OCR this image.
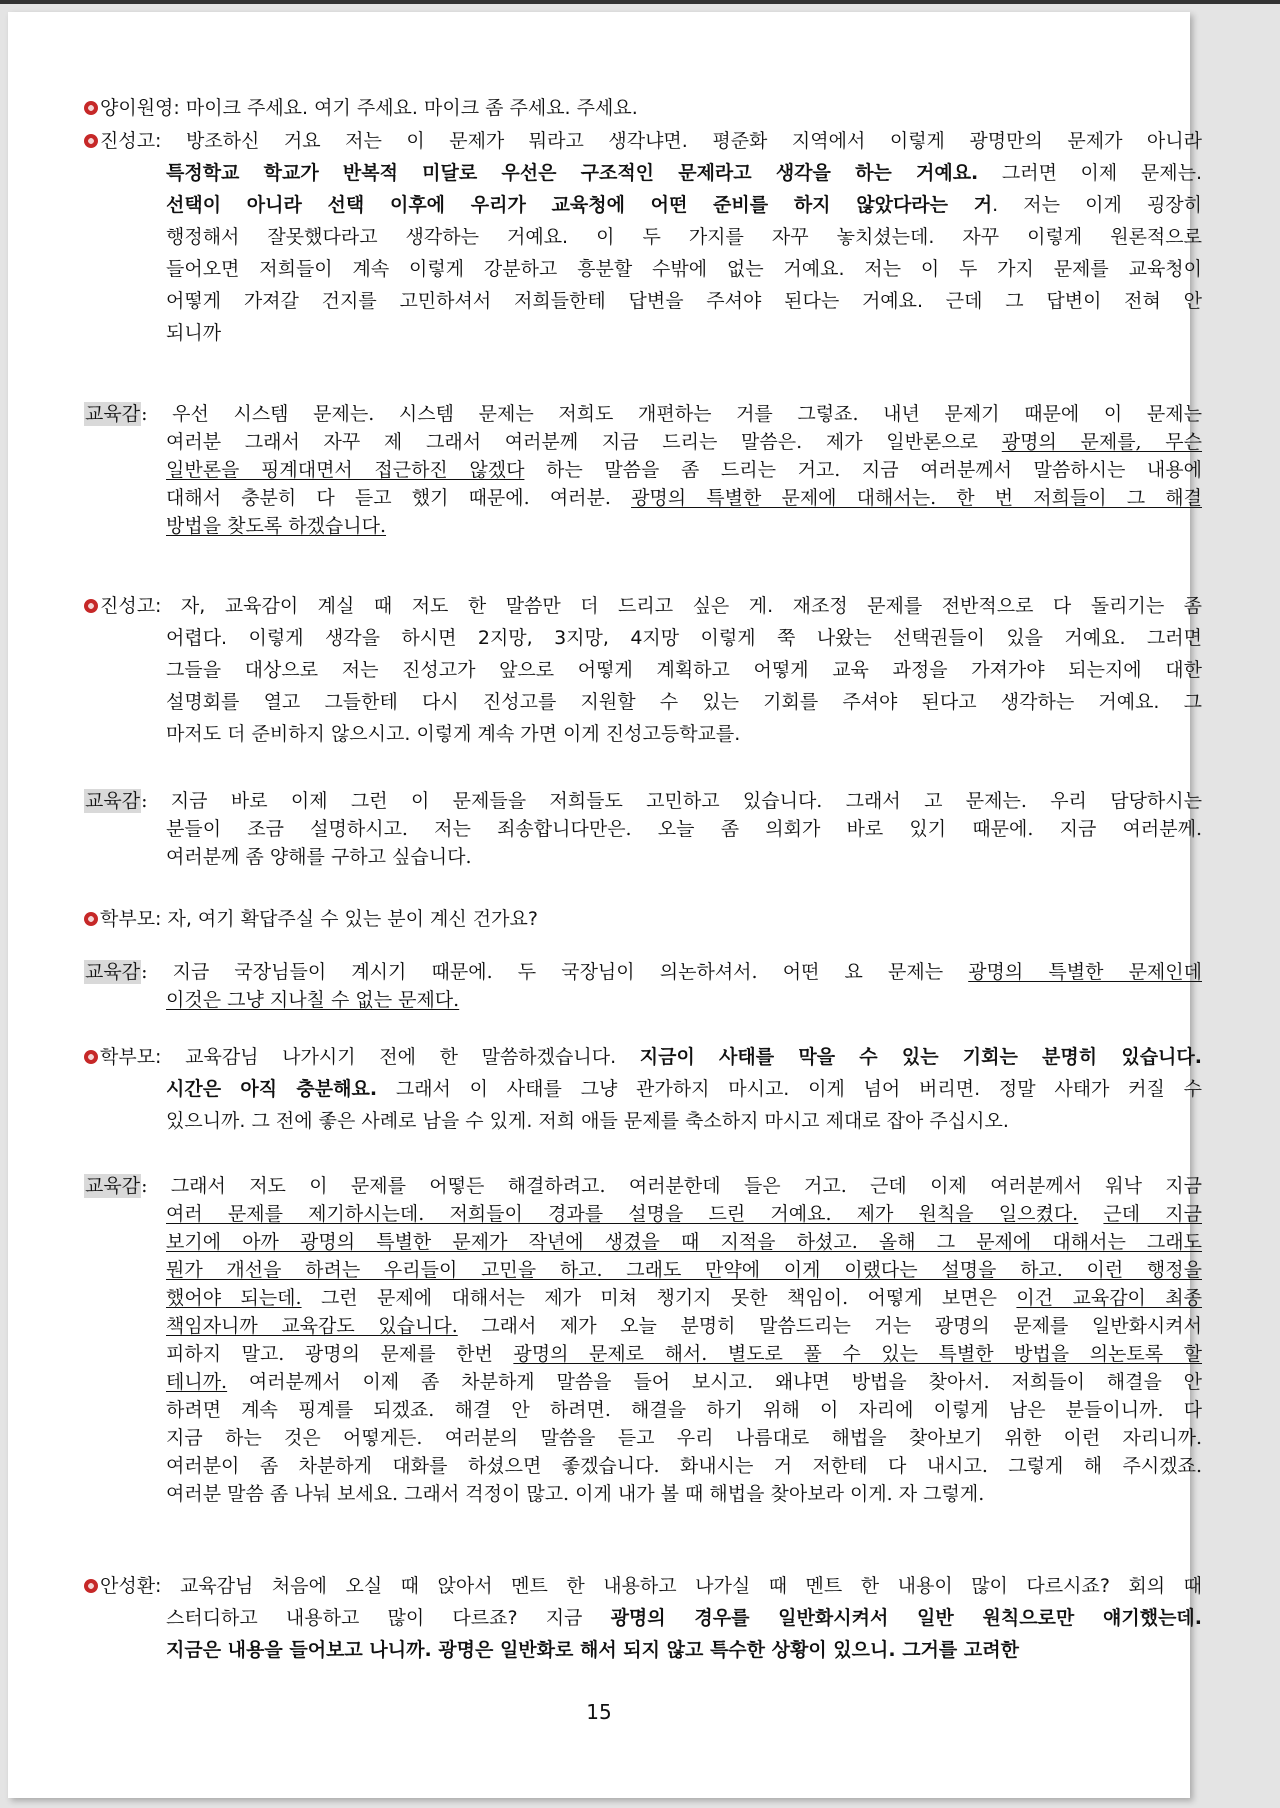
양이원영: 마이크 주세요. 여기 주세요. 마이크 좀 주세요. 주세요.
진성고: 방조하신 거요 저는 이 문제가 뭐라고 생각냐면. 평준화 지역에서 이렇게 광명만의 문제가 아니라
특정학교 학교가 반복적 미달로 우선은 구조적인 문제라고 생각을 하는 거예요. 그러면 이제 문제는.
선택이 아니라 선택 이후에 우리가 교육청에 어떤 준비를 하지 않았다라는 거. 저는 이게 굉장히
행정해서 잘못했다라고 생각하는 거예요. 이 두 가지를 자꾸 놓치셨는데. 자꾸 이렇게 원론적으로
들어오면 저희들이 계속 이렇게 강분하고 흥분할 수밖에 없는 거예요. 저는 이 두 가지 문제를 교육청이
어떻게 가져갈 건지를 고민하셔서 저희들한테 답변을 주셔야 된다는 거예요. 근데 그 답변이 전혀 안
되니까
교육감: 우선 시스템 문제는. 시스템 문제는 저희도 개편하는 거를 그렇죠. 내년 문제기 때문에 이 문제는
여러분 그래서 자꾸 제 그래서 여러분께 지금 드리는 말씀은. 제가 일반론으로 광명의 문제를, 무슨
일반론을 핑계대면서 접근하진 않겠다 하는 말씀을 좀 드리는 거고. 지금 여러분께서 말씀하시는 내용에
대해서 충분히 다 듣고 했기 때문에. 여러분. 광명의 특별한 문제에 대해서는. 한 번 저희들이 그 해결
방법을 찾도록 하겠습니다.
진성고: 자, 교육감이 계실 때 저도 한 말씀만 더 드리고 싶은 게. 재조정 문제를 전반적으로 다 돌리기는 좀
어렵다. 이렇게 생각을 하시면 2지망, 3지망, 4지망 이렇게 쭉 나왔는 선택권들이 있을 거예요. 그러면
그들을 대상으로 저는 진성고가 앞으로 어떻게 계획하고 어떻게 교육 과정을 가져가야 되는지에 대한
설명회를 열고 그들한테 다시 진성고를 지원할 수 있는 기회를 주셔야 된다고 생각하는 거예요. 그
마저도 더 준비하지 않으시고. 이렇게 계속 가면 이게 진성고등학교를.
교육감: 지금 바로 이제 그런 이 문제들을 저희들도 고민하고 있습니다. 그래서 고 문제는. 우리 담당하시는
분들이 조금 설명하시고. 저는 죄송합니다만은. 오늘 좀 의회가 바로 있기 때문에. 지금 여러분께.
여러분께 좀 양해를 구하고 싶습니다.
학부모: 자, 여기 확답주실 수 있는 분이 계신 건가요?
교육감: 지금 국장님들이 계시기 때문에. 두 국장님이 의논하셔서. 어떤 요 문제는 광명의 특별한 문제인데
이것은 그냥 지나칠 수 없는 문제다.
학부모: 교육감님 나가시기 전에 한 말씀하겠습니다. 지금이 사태를 막을 수 있는 기회는 분명히 있습니다.
시간은 아직 충분해요. 그래서 이 사태를 그냥 관가하지 마시고. 이게 넘어 버리면. 정말 사태가 커질 수
있으니까. 그 전에 좋은 사례로 남을 수 있게. 저희 애들 문제를 축소하지 마시고 제대로 잡아 주십시오.
교육감: 그래서 저도 이 문제를 어떻든 해결하려고. 여러분한데 들은 거고. 근데 이제 여러분께서 워낙 지금
여러 문제를 제기하시는데. 저희들이 경과를 설명을 드린 거예요. 제가 원칙을 일으켰다. 근데 지금
보기에 아까 광명의 특별한 문제가 작년에 생겼을 때 지적을 하셨고. 올해 그 문제에 대해서는 그래도
뭔가 개선을 하려는 우리들이 고민을 하고. 그래도 만약에 이게 이랬다는 설명을 하고. 이런 행정을
했어야 되는데. 그런 문제에 대해서는 제가 미쳐 챙기지 못한 책임이. 어떻게 보면은 이건 교육감이 최종
책임자니까 교육감도 있습니다. 그래서 제가 오늘 분명히 말씀드리는 거는 광명의 문제를 일반화시켜서
피하지 말고. 광명의 문제를 한번 광명의 문제로 해서. 별도로 풀 수 있는 특별한 방법을 의논토록 할
테니까. 여러분께서 이제 좀 차분하게 말씀을 들어 보시고. 왜냐면 방법을 찾아서. 저희들이 해결을 안
하려면 계속 핑계를 되겠죠. 해결 안 하려면. 해결을 하기 위해 이 자리에 이렇게 남은 분들이니까. 다
지금 하는 것은 어떻게든. 여러분의 말씀을 듣고 우리 나름대로 해법을 찾아보기 위한 이런 자리니까.
여러분이 좀 차분하게 대화를 하셨으면 좋겠습니다. 화내시는 거 저한테 다 내시고. 그렇게 해 주시겠죠.
여러분 말씀 좀 나눠 보세요. 그래서 걱정이 많고. 이게 내가 볼 때 해법을 찾아보라 이게. 자 그렇게.
안성환: 교육감님 처음에 오실 때 앉아서 멘트 한 내용하고 나가실 때 멘트 한 내용이 많이 다르시죠? 회의 때
스터디하고 내용하고 많이 다르죠? 지금 광명의 경우를 일반화시켜서 일반 원칙으로만 얘기했는데.
지금은 내용을 들어보고 나니까. 광명은 일반화로 해서 되지 않고 특수한 상황이 있으니. 그거를 고려한
15
